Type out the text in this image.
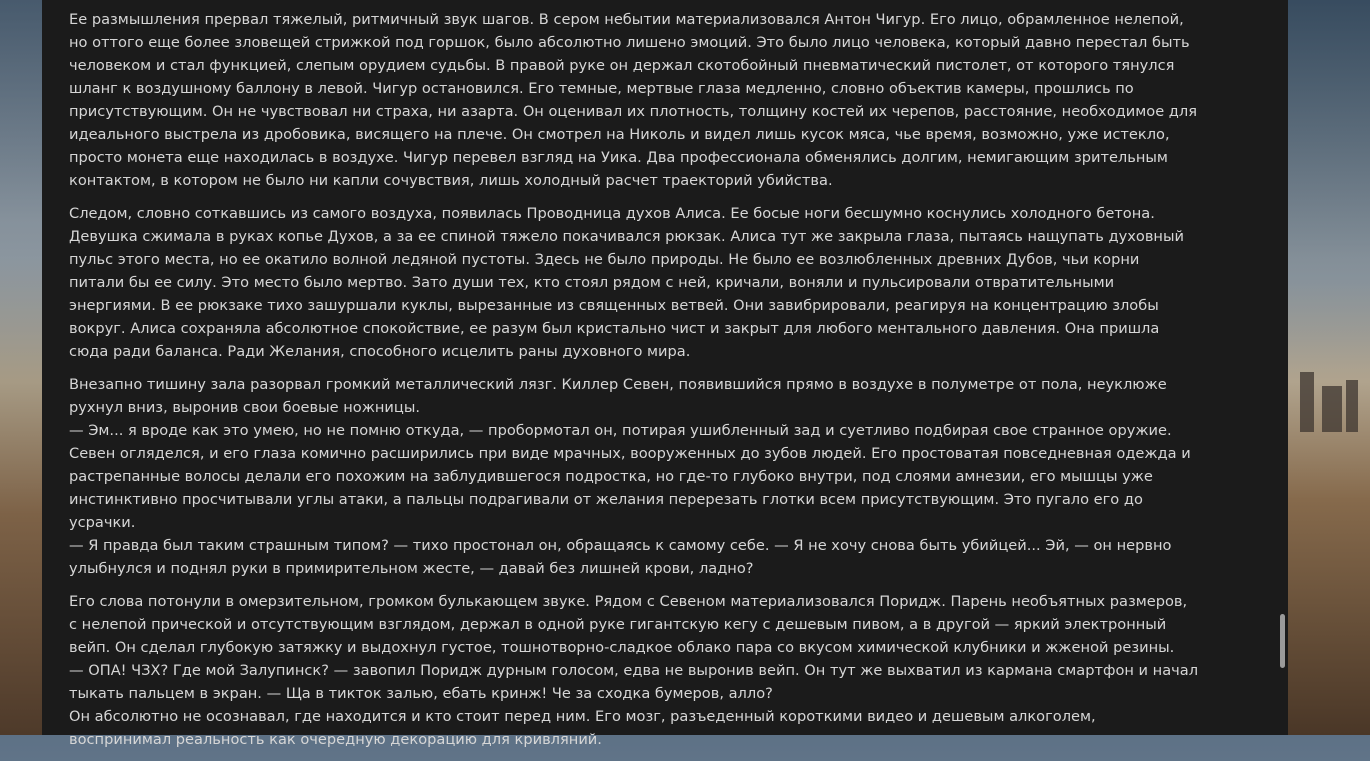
Ее размышления прервал тяжелый, ритмичный звук шагов. В сером небытии материализовался Антон Чигур. Его лицо, обрамленное нелепой, но оттого еще более зловещей стрижкой под горшок, было абсолютно лишено эмоций. Это было лицо человека, который давно перестал быть человеком и стал функцией, слепым орудием судьбы. В правой руке он держал скотобойный пневматический пистолет, от которого тянулся шланг к воздушному баллону в левой. Чигур остановился. Его темные, мертвые глаза медленно, словно объектив камеры, прошлись по присутствующим. Он не чувствовал ни страха, ни азарта. Он оценивал их плотность, толщину костей их черепов, расстояние, необходимое для идеального выстрела из дробовика, висящего на плече. Он смотрел на Николь и видел лишь кусок мяса, чье время, возможно, уже истекло, просто монета еще находилась в воздухе. Чигур перевел взгляд на Уика. Два профессионала обменялись долгим, немигающим зрительным контактом, в котором не было ни капли сочувствия, лишь холодный расчет траекторий убийства.

Следом, словно соткавшись из самого воздуха, появилась Проводница духов Алиса. Ее босые ноги бесшумно коснулись холодного бетона. Девушка сжимала в руках копье Духов, а за ее спиной тяжело покачивался рюкзак. Алиса тут же закрыла глаза, пытаясь нащупать духовный пульс этого места, но ее окатило волной ледяной пустоты. Здесь не было природы. Не было ее возлюбленных древних Дубов, чьи корни питали бы ее силу. Это место было мертво. Зато души тех, кто стоял рядом с ней, кричали, воняли и пульсировали отвратительными энергиями. В ее рюкзаке тихо зашуршали куклы, вырезанные из священных ветвей. Они завибрировали, реагируя на концентрацию злобы вокруг. Алиса сохраняла абсолютное спокойствие, ее разум был кристально чист и закрыт для любого ментального давления. Она пришла сюда ради баланса. Ради Желания, способного исцелить раны духовного мира.

Внезапно тишину зала разорвал громкий металлический лязг. Киллер Севен, появившийся прямо в воздухе в полуметре от пола, неуклюже рухнул вниз, выронив свои боевые ножницы.
— Эм... я вроде как это умею, но не помню откуда, — пробормотал он, потирая ушибленный зад и суетливо подбирая свое странное оружие.
Севен огляделся, и его глаза комично расширились при виде мрачных, вооруженных до зубов людей. Его простоватая повседневная одежда и растрепанные волосы делали его похожим на заблудившегося подростка, но где-то глубоко внутри, под слоями амнезии, его мышцы уже инстинктивно просчитывали углы атаки, а пальцы подрагивали от желания перерезать глотки всем присутствующим. Это пугало его до усрачки.
— Я правда был таким страшным типом? — тихо простонал он, обращаясь к самому себе. — Я не хочу снова быть убийцей... Эй, — он нервно улыбнулся и поднял руки в примирительном жесте, — давай без лишней крови, ладно?

Его слова потонули в омерзительном, громком булькающем звуке. Рядом с Севеном материализовался Поридж. Парень необъятных размеров, с нелепой прической и отсутствующим взглядом, держал в одной руке гигантскую кегу с дешевым пивом, а в другой — яркий электронный вейп. Он сделал глубокую затяжку и выдохнул густое, тошнотворно-сладкое облако пара со вкусом химической клубники и жженой резины.
— ОПА! ЧЗХ? Где мой Залупинск? — завопил Поридж дурным голосом, едва не выронив вейп. Он тут же выхватил из кармана смартфон и начал тыкать пальцем в экран. — Ща в тикток залью, ебать кринж! Че за сходка бумеров, алло?
Он абсолютно не осознавал, где находится и кто стоит перед ним. Его мозг, разъеденный короткими видео и дешевым алкоголем, воспринимал реальность как очередную декорацию для кривляний.
